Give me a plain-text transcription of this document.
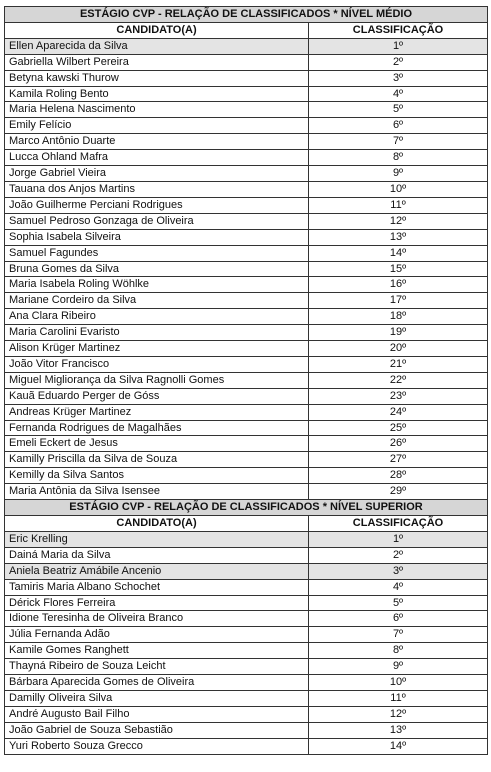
ESTÁGIO CVP - RELAÇÃO DE CLASSIFICADOS * NÍVEL MÉDIO	
CANDIDATO(A)	CLASSIFICAÇÃO
Ellen Aparecida da Silva	1º
Gabriella Wilbert Pereira	2º
Betyna kawski Thurow	3º
Kamila Roling Bento	4º
Maria Helena Nascimento	5º
Emily Felício	6º
Marco Antônio Duarte	7º
Lucca Ohland Mafra	8º
Jorge Gabriel Vieira	9º
Tauana dos Anjos Martins	10º
João Guilherme Perciani Rodrigues	11º
Samuel Pedroso Gonzaga de Oliveira	12º
Sophia Isabela Silveira	13º
Samuel Fagundes	14º
Bruna Gomes da Silva	15º
Maria Isabela Roling Wöhlke	16º
Mariane Cordeiro da Silva	17º
Ana Clara Ribeiro	18º
Maria Carolini Evaristo	19º
Alison Krüger Martinez	20º
João Vitor Francisco	21º
Miguel Migliorança da Silva Ragnolli Gomes	22º
Kauã Eduardo Perger de Góss	23º
Andreas Krüger Martinez	24º
Fernanda Rodrigues de Magalhães	25º
Emeli Eckert de Jesus	26º
Kamilly Priscilla da Silva de Souza	27º
Kemilly da Silva Santos	28º
Maria Antônia da Silva Isensee	29º
ESTÁGIO CVP - RELAÇÃO DE CLASSIFICADOS * NÍVEL SUPERIOR	
CANDIDATO(A)	CLASSIFICAÇÃO
Eric Krelling	1º
Dainá Maria da Silva	2º
Aniela Beatriz Amábile Ancenio	3º
Tamiris Maria Albano Schochet	4º
Dérick Flores Ferreira	5º
Idione Teresinha de Oliveira Branco	6º
Júlia Fernanda Adão	7º
Kamile Gomes Ranghett	8º
Thayná Ribeiro de Souza Leicht	9º
Bárbara Aparecida Gomes de Oliveira	10º
Damilly Oliveira Silva	11º
André Augusto Bail Filho	12º
João Gabriel de Souza Sebastião	13º
Yuri Roberto Souza Grecco	14º
